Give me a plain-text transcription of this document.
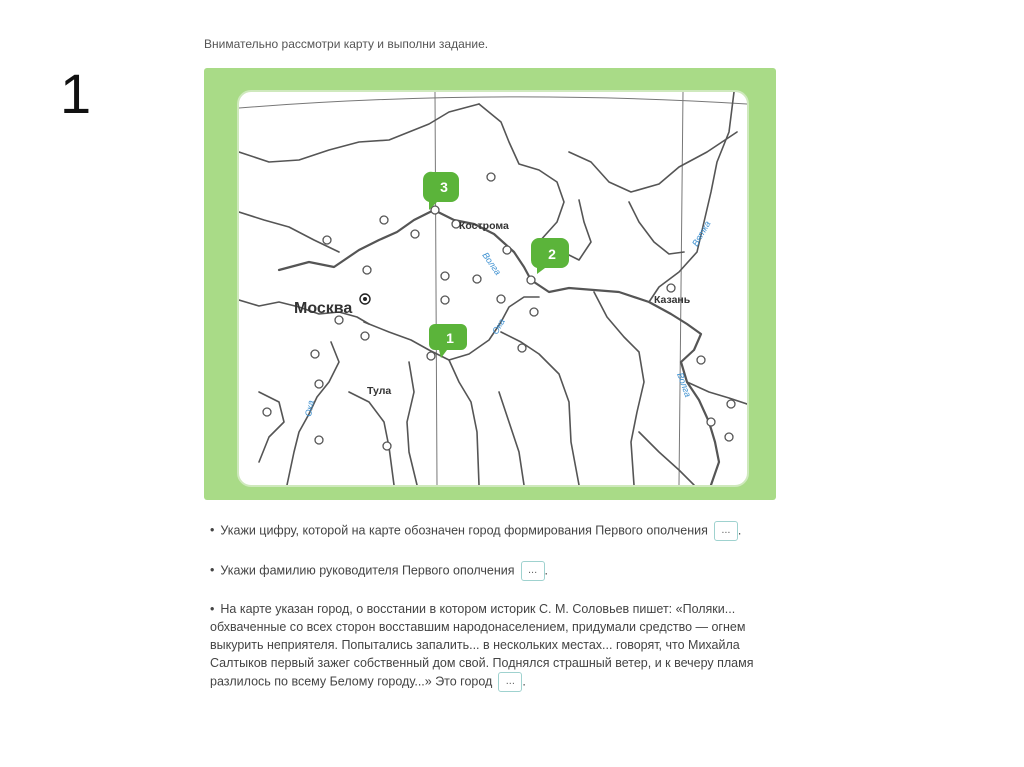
1
Внимательно рассмотри карту и выполни задание.
Москва
Кострома
Тула
Казань
Волга
Волга
Ока
Ока
Вятка
1
2
3
• Укажи цифру, которой на карте обозначен город формирования Первого ополчения ... .
• Укажи фамилию руководителя Первого ополчения ... .
• На карте указан город, о восстании в котором историк С. М. Соловьев пишет: «Поляки... обхваченные со всех сторон восставшим народонаселением, придумали средство — огнем выкурить неприятеля. Попытались запалить... в нескольких местах... говорят, что Михайла Салтыков первый зажег собственный дом свой. Поднялся страшный ветер, и к вечеру пламя разлилось по всему Белому городу...» Это город ... .
